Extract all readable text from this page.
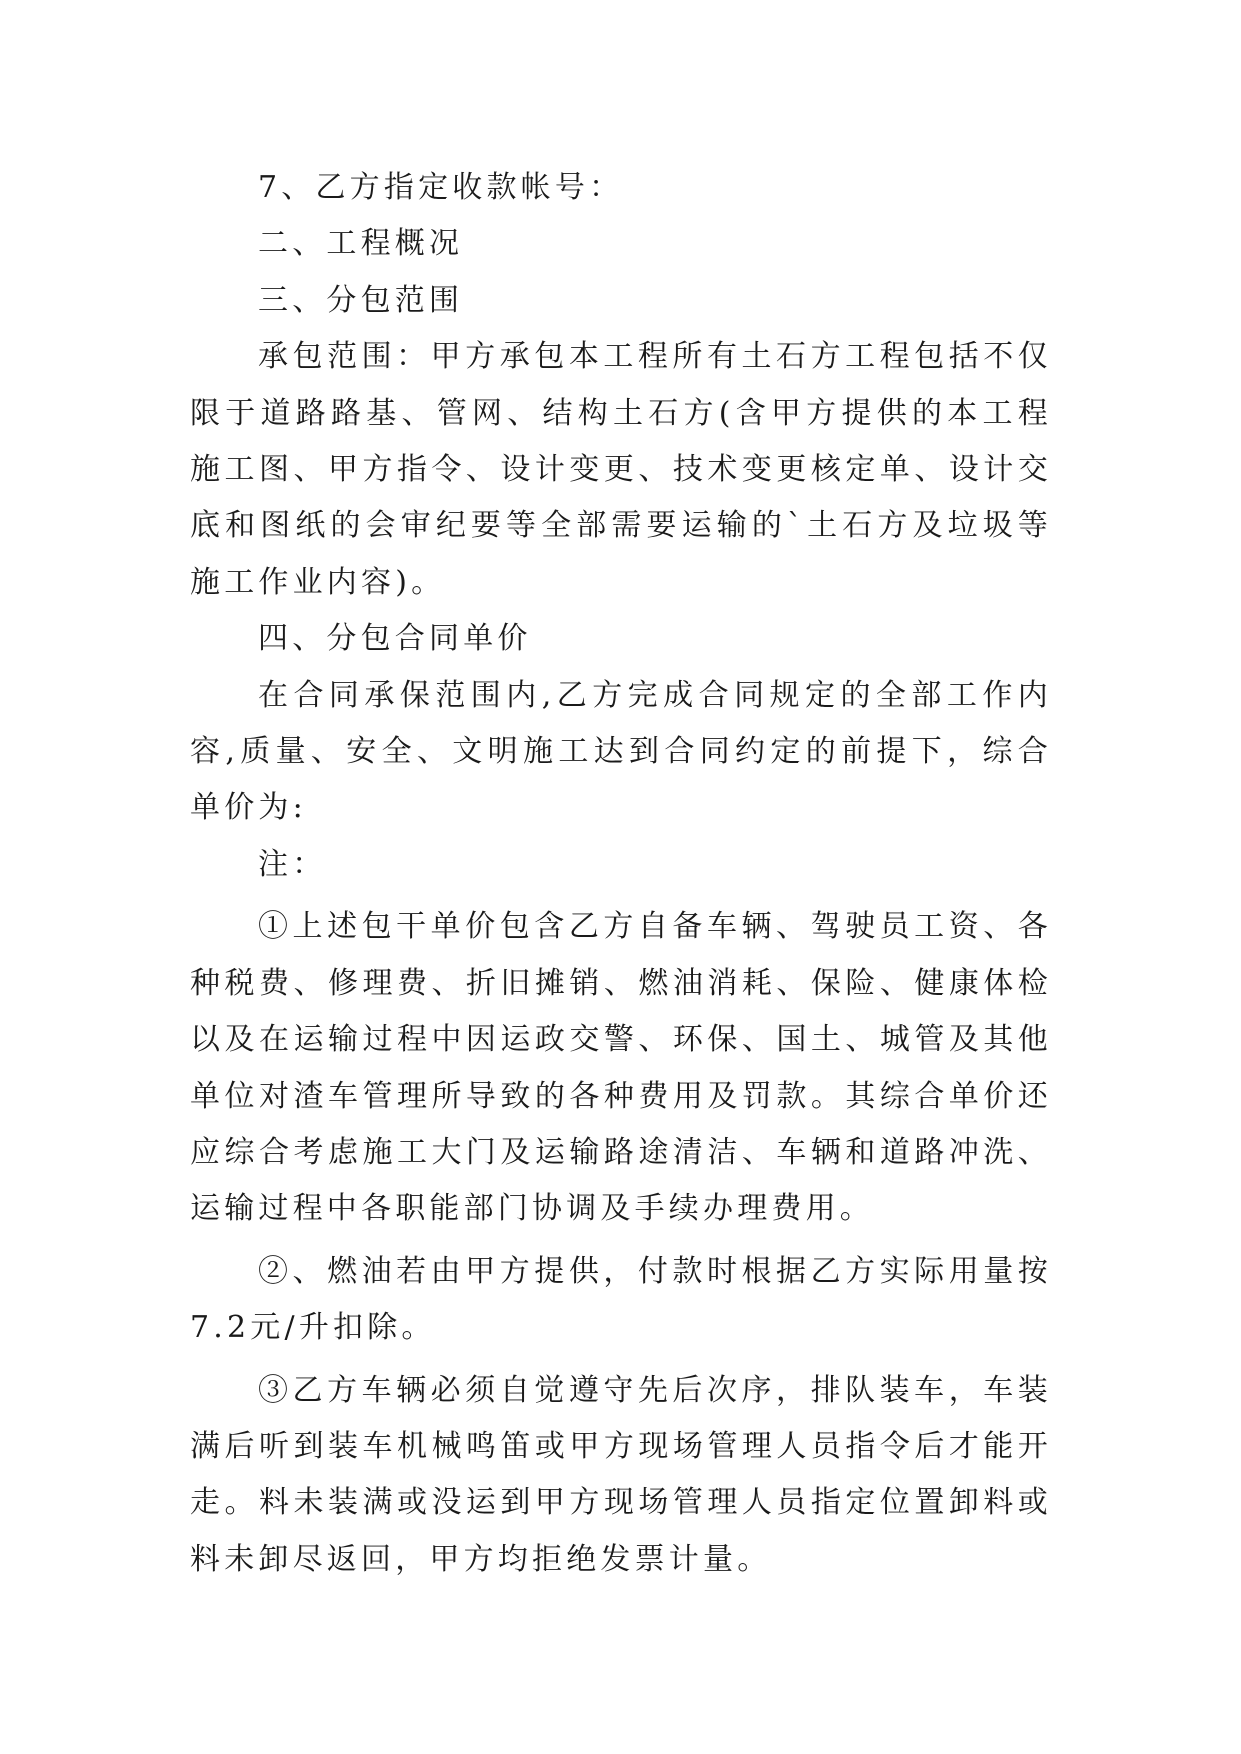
7、乙方指定收款帐号：

二、工程概况

三、分包范围

承包范围：甲方承包本工程所有土石方工程包括不仅限于道路路基、管网、结构土石方(含甲方提供的本工程施工图、甲方指令、设计变更、技术变更核定单、设计交底和图纸的会审纪要等全部需要运输的`土石方及垃圾等施工作业内容)。

四、分包合同单价

在合同承保范围内,乙方完成合同规定的全部工作内容,质量、安全、文明施工达到合同约定的前提下，综合单价为:

注：

①上述包干单价包含乙方自备车辆、驾驶员工资、各种税费、修理费、折旧摊销、燃油消耗、保险、健康体检以及在运输过程中因运政交警、环保、国土、城管及其他单位对渣车管理所导致的各种费用及罚款。其综合单价还应综合考虑施工大门及运输路途清洁、车辆和道路冲洗、运输过程中各职能部门协调及手续办理费用。

②、燃油若由甲方提供，付款时根据乙方实际用量按7.2元/升扣除。

③乙方车辆必须自觉遵守先后次序，排队装车，车装满后听到装车机械鸣笛或甲方现场管理人员指令后才能开走。料未装满或没运到甲方现场管理人员指定位置卸料或料未卸尽返回，甲方均拒绝发票计量。
